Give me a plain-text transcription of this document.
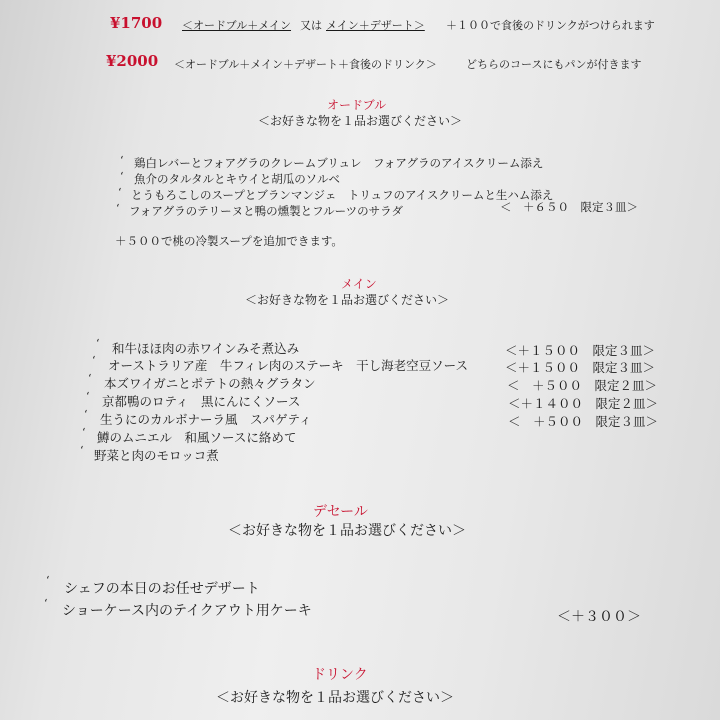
¥1700 ＜オードブル＋メイン 又は メイン＋デザート＞ ＋１００で食後のドリンクがつけられます
¥2000 ＜オードブル＋メイン＋デザート＋食後のドリンク＞	どちらのコースにもパンが付きます
オードブル
＜お好きな物を１品お選びください＞
‘ 鶏白レバーとフォアグラのクレームブリュレ　フォアグラのアイスクリーム添え
‘ 魚介のタルタルとキウイと胡瓜のソルベ
‘ とうもろこしのスープとブランマンジェ　トリュフのアイスクリームと生ハム添え
‘ フォアグラのテリーヌと鴨の燻製とフルーツのサラダ	＜　＋６５０　限定３皿＞
＋５００で桃の冷製スープを追加できます。
メイン
＜お好きな物を１品お選びください＞
‘ 和牛ほほ肉の赤ワインみそ煮込み	＜＋１５００　限定３皿＞
‘ オーストラリア産　牛フィレ肉のステーキ　干し海老空豆ソース	＜＋１５００　限定３皿＞
‘ 本ズワイガニとポテトの熱々グラタン	＜　＋５００　限定２皿＞
‘ 京都鴨のロティ　黒にんにくソース	＜＋１４００　限定２皿＞
‘ 生うにのカルボナーラ風　スパゲティ	＜　＋５００　限定３皿＞
‘ 鱒のムニエル　和風ソースに絡めて
‘ 野菜と肉のモロッコ煮
デセール
＜お好きな物を１品お選びください＞
‘
シェフの本日のお任せデザート
‘ ショーケース内のテイクアウト用ケーキ	＜＋３００＞
ドリンク
＜お好きな物を１品お選びください＞
